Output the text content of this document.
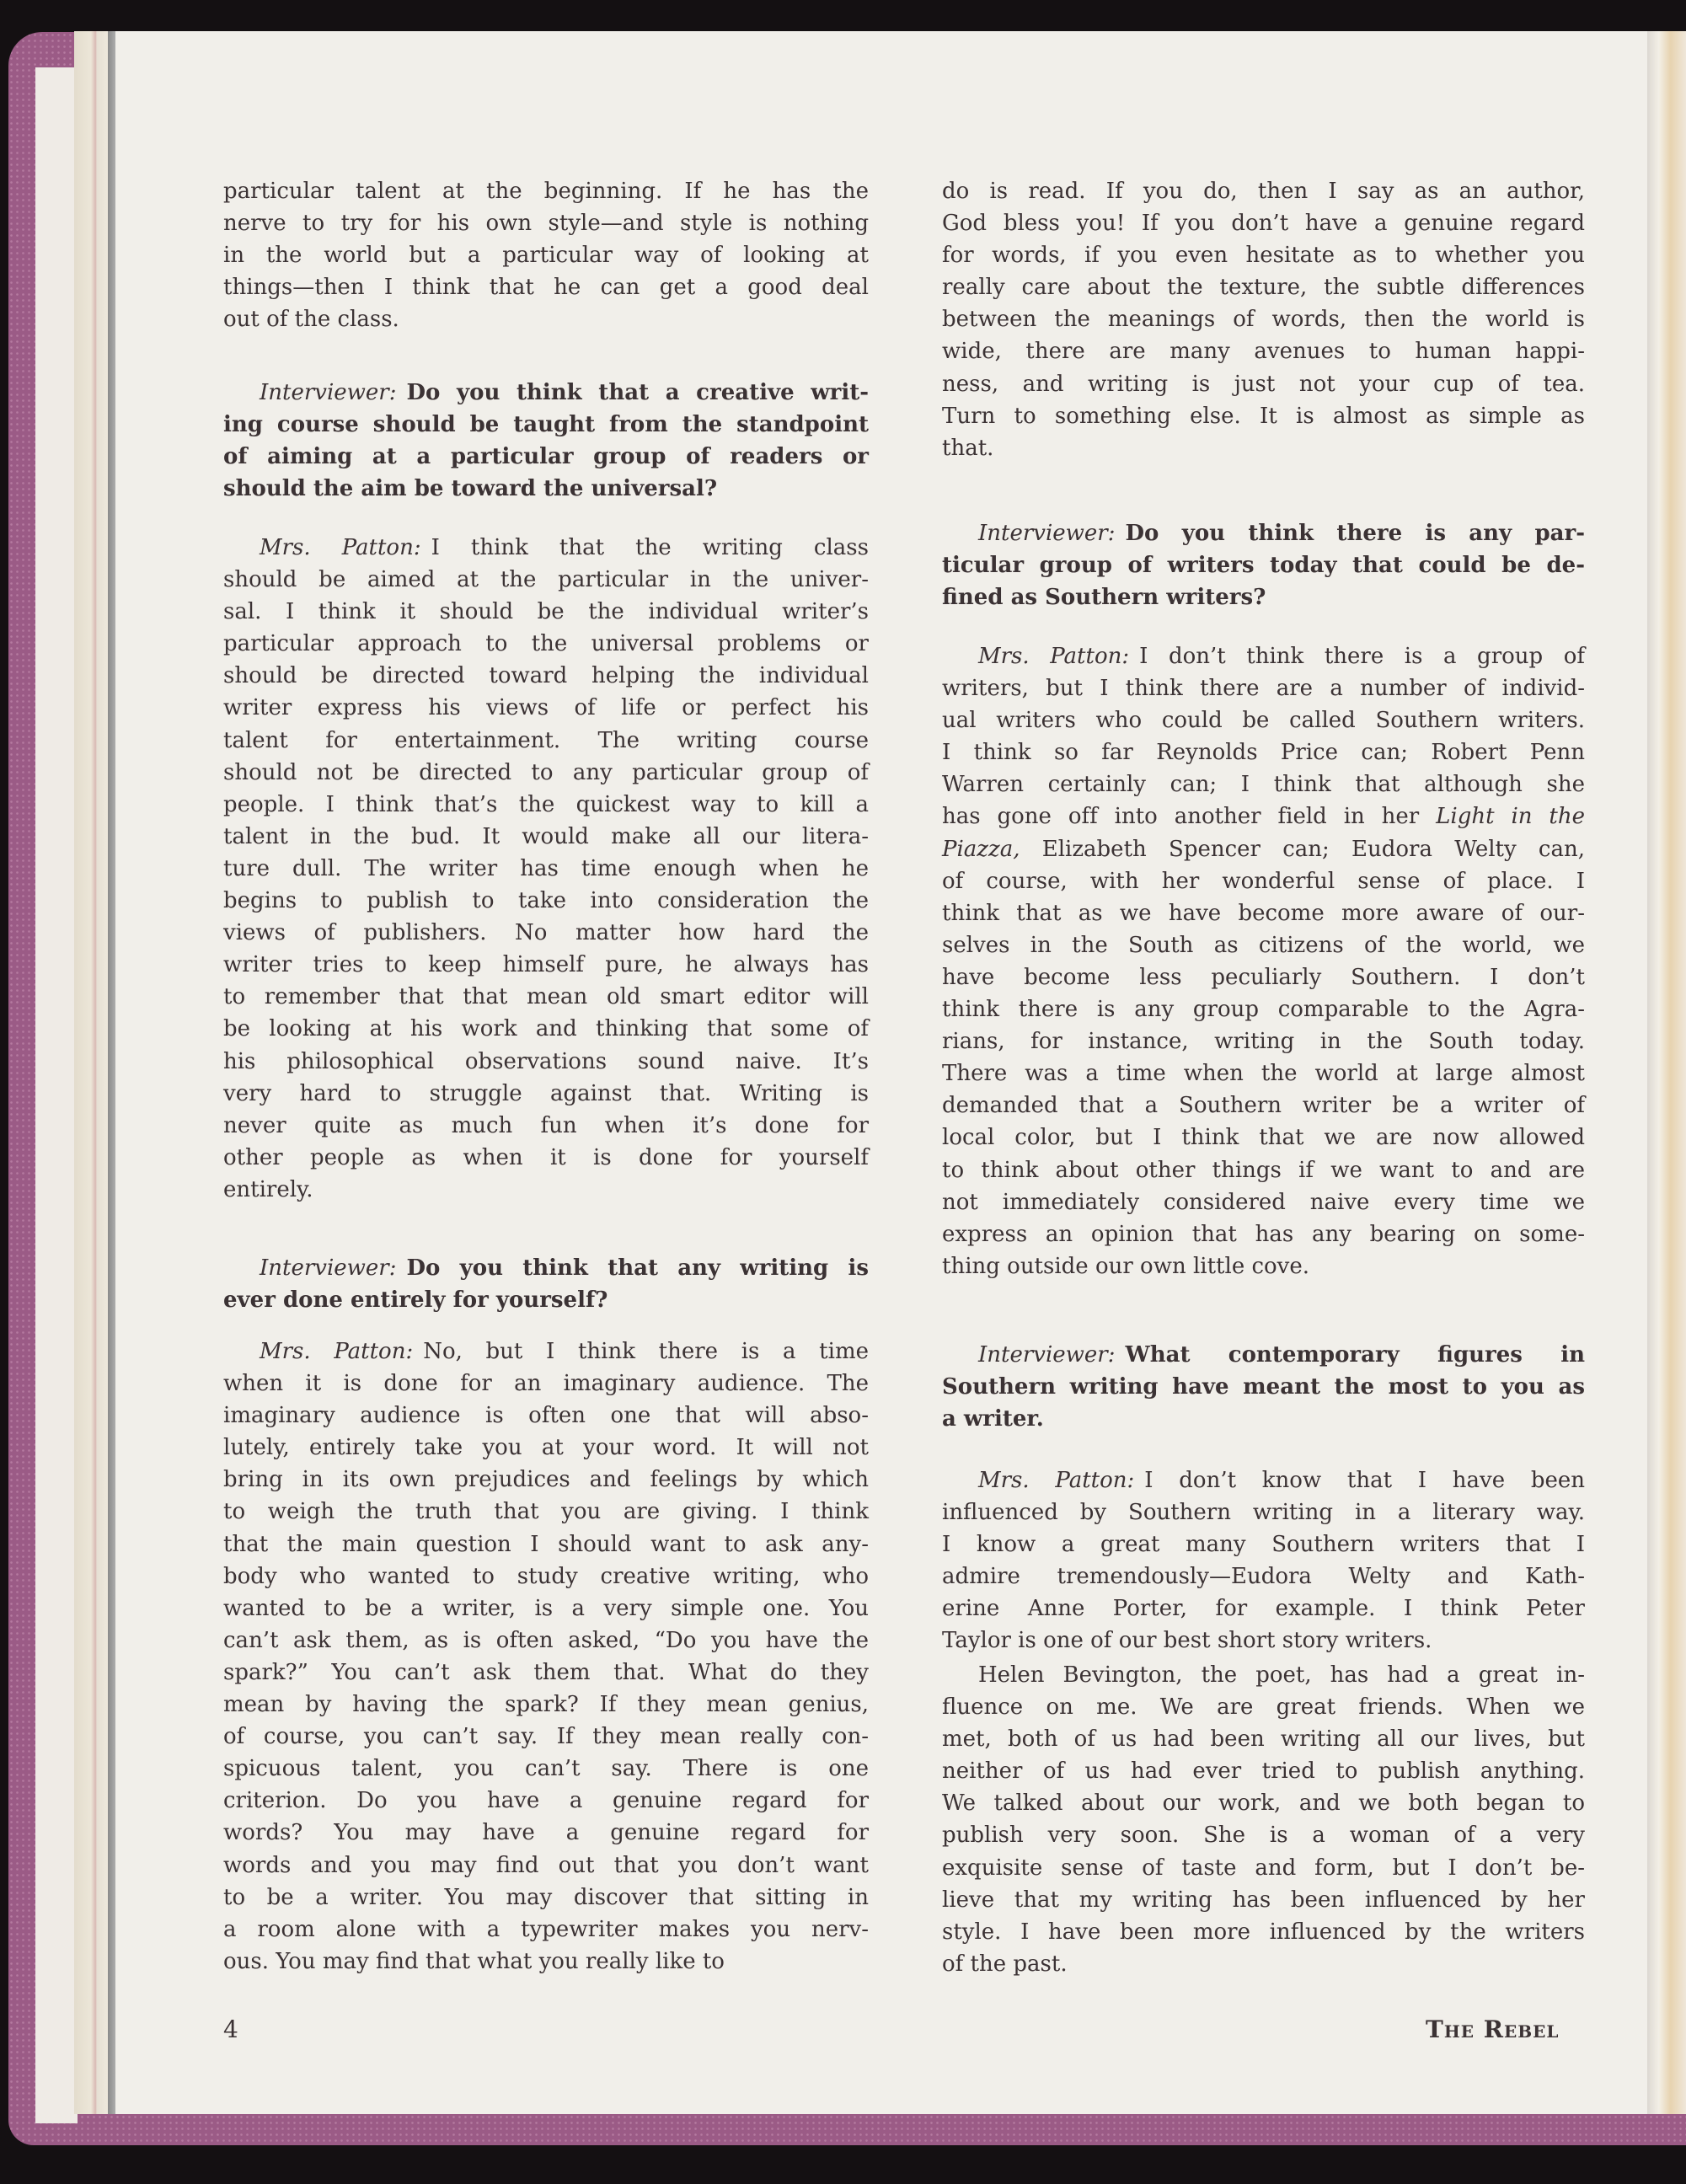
particular talent at the beginning. If he has the
nerve to try for his own style—and style is nothing
in the world but a particular way of looking at
things—then I think that he can get a good deal
out of the class.
Interviewer: Do you think that a creative writ-
ing course should be taught from the standpoint
of aiming at a particular group of readers or
should the aim be toward the universal?
Mrs. Patton: I think that the writing class
should be aimed at the particular in the univer-
sal. I think it should be the individual writer’s
particular approach to the universal problems or
should be directed toward helping the individual
writer express his views of life or perfect his
talent for entertainment. The writing course
should not be directed to any particular group of
people. I think that’s the quickest way to kill a
talent in the bud. It would make all our litera-
ture dull. The writer has time enough when he
begins to publish to take into consideration the
views of publishers. No matter how hard the
writer tries to keep himself pure, he always has
to remember that that mean old smart editor will
be looking at his work and thinking that some of
his philosophical observations sound naive. It’s
very hard to struggle against that. Writing is
never quite as much fun when it’s done for
other people as when it is done for yourself
entirely.
Interviewer: Do you think that any writing is
ever done entirely for yourself?
Mrs. Patton: No, but I think there is a time
when it is done for an imaginary audience. The
imaginary audience is often one that will abso-
lutely, entirely take you at your word. It will not
bring in its own prejudices and feelings by which
to weigh the truth that you are giving. I think
that the main question I should want to ask any-
body who wanted to study creative writing, who
wanted to be a writer, is a very simple one. You
can’t ask them, as is often asked, “Do you have the
spark?” You can’t ask them that. What do they
mean by having the spark? If they mean genius,
of course, you can’t say. If they mean really con-
spicuous talent, you can’t say. There is one
criterion. Do you have a genuine regard for
words? You may have a genuine regard for
words and you may find out that you don’t want
to be a writer. You may discover that sitting in
a room alone with a typewriter makes you nerv-
ous. You may find that what you really like to
do is read. If you do, then I say as an author,
God bless you! If you don’t have a genuine regard
for words, if you even hesitate as to whether you
really care about the texture, the subtle differences
between the meanings of words, then the world is
wide, there are many avenues to human happi-
ness, and writing is just not your cup of tea.
Turn to something else. It is almost as simple as
that.
Interviewer: Do you think there is any par-
ticular group of writers today that could be de-
fined as Southern writers?
Mrs. Patton: I don’t think there is a group of
writers, but I think there are a number of individ-
ual writers who could be called Southern writers.
I think so far Reynolds Price can; Robert Penn
Warren certainly can; I think that although she
has gone off into another field in her Light in the
Piazza, Elizabeth Spencer can; Eudora Welty can,
of course, with her wonderful sense of place. I
think that as we have become more aware of our-
selves in the South as citizens of the world, we
have become less peculiarly Southern. I don’t
think there is any group comparable to the Agra-
rians, for instance, writing in the South today.
There was a time when the world at large almost
demanded that a Southern writer be a writer of
local color, but I think that we are now allowed
to think about other things if we want to and are
not immediately considered naive every time we
express an opinion that has any bearing on some-
thing outside our own little cove.
Interviewer: What contemporary figures in
Southern writing have meant the most to you as
a writer.
Mrs. Patton: I don’t know that I have been
influenced by Southern writing in a literary way.
I know a great many Southern writers that I
admire tremendously—Eudora Welty and Kath-
erine Anne Porter, for example. I think Peter
Taylor is one of our best short story writers.
Helen Bevington, the poet, has had a great in-
fluence on me. We are great friends. When we
met, both of us had been writing all our lives, but
neither of us had ever tried to publish anything.
We talked about our work, and we both began to
publish very soon. She is a woman of a very
exquisite sense of taste and form, but I don’t be-
lieve that my writing has been influenced by her
style. I have been more influenced by the writers
of the past.
4	The Rebel
